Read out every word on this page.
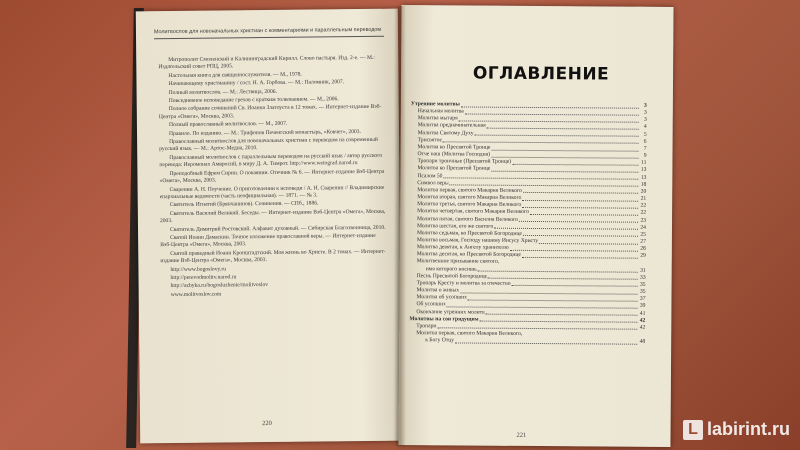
Молитвослов для новоначальных христиан с комментариями и параллельным переводом
Митрополит Смоленский и Калининградский Кирилл. Слово пастыря. Изд. 2-е. — М.: Издательский совет РПЦ, 2005.
Настольная книга для священнослужителя. — М., 1978.
Начинающему христианину / сост. Н. А. Горбова. — М.: Паломник, 2007.
Полный молитвослов. — М.: Лествица, 2006.
Повседневное исповедание грехов с кратким толкованием. — М., 2006.
Полное собрание сочинений Св. Иоанна Златоуста в 12 томах. — Интернет-издание Вэб-Центра «Омега», Москва, 2003.
Полный православный молитвослов. — М., 2007.
Правило. По изданию. — М.: Трифонов Печенгский монастырь, «Ковчег», 2003.
Православный молитвослов для новоначальных христиан с переводом на современный русский язык. — М.: Артос-Медиа, 2010.
Православный молитвослов с параллельным переводом на русский язык / автор русского перевода: Иеромонах Амвросий, в миру Д. А. Тимрот. http://www.wetograd.narod.ru
Преподобный Ефрем Сирин. О покаянии. Отечник № 6. — Интернет-издание Вэб-Центра «Омега», Москва, 2003.
Сваренин А. Н. Поучение. О приготовлении к исповеди / А. Н. Сваренин // Владимирские епархиальные ведомости (часть неофициальная). — 1871. — № 3.
Святитель Игнатий (Брянчанинов). Сочинения. — СПб., 1886.
Святитель Василий Великий. Беседы. — Интернет-издание Вэб-Центра «Омега», Москва, 2003.
Святитель Димитрий Ростовский. Алфавит духовный. — Сибирская Благозвонница, 2010.
Святой Иоанн Дамаскин. Точное изложение православной веры. — Интернет-издание Вэб-Центра «Омега», Москва, 2003.
Святой праведный Иоанн Кронштадтский. Моя жизнь во Христе. В 2 томах. — Интернет-издание Вэб-Центра «Омега», Москва, 2003.
http://www.bogoslovy.ru
http://perevodmolitv.narod.ru
http://azbyka.ru/bogosluzhenie/molitvoslov
www.molitvoslov.com
220
ОГЛАВЛЕНИЕ
Утренние молитвы	3
Начальная молитва	3
Молитва мытаря	3
Молитва предначинательная	4
Молитва Святому Духу	5
Трисвятое	6
Молитва ко Пресвятой Троице	7
Отче наш (Молитва Господня)	9
Тропари троичные (Пресвятой Троице)	11
Молитва ко Пресвятой Троице	13
Псалом 50	13
Символ веры	18
Молитва первая, святого Макария Великого	20
Молитва вторая, святого Макария Великого	21
Молитва третья, святого Макария Великого	22
Молитва четвертая, святого Макария Великого	22
Молитва пятая, святого Василия Великого	23
Молитва шестая, его же святого	24
Молитва седьмая, ко Пресвятой Богородице	25
Молитва восьмая, Господу нашему Иисусу Христу	27
Молитва девятая, к Ангелу хранителю	28
Молитва десятая, ко Пресвятой Богородице	29
Молитвенное призывание святого,
имя которого носишь	31
Песнь Пресвятой Богородице	33
Тропарь Кресту и молитва за отечество	35
Молитва о живых	35
Молитва об усопших	37
Об усопших	39
Окончание утренних молитв	41
Молитвы на сон грядущим	42
Тропари	42
Молитва первая, святого Макария Великого,
к Богу Отцу	48
221	L labirint.ru
